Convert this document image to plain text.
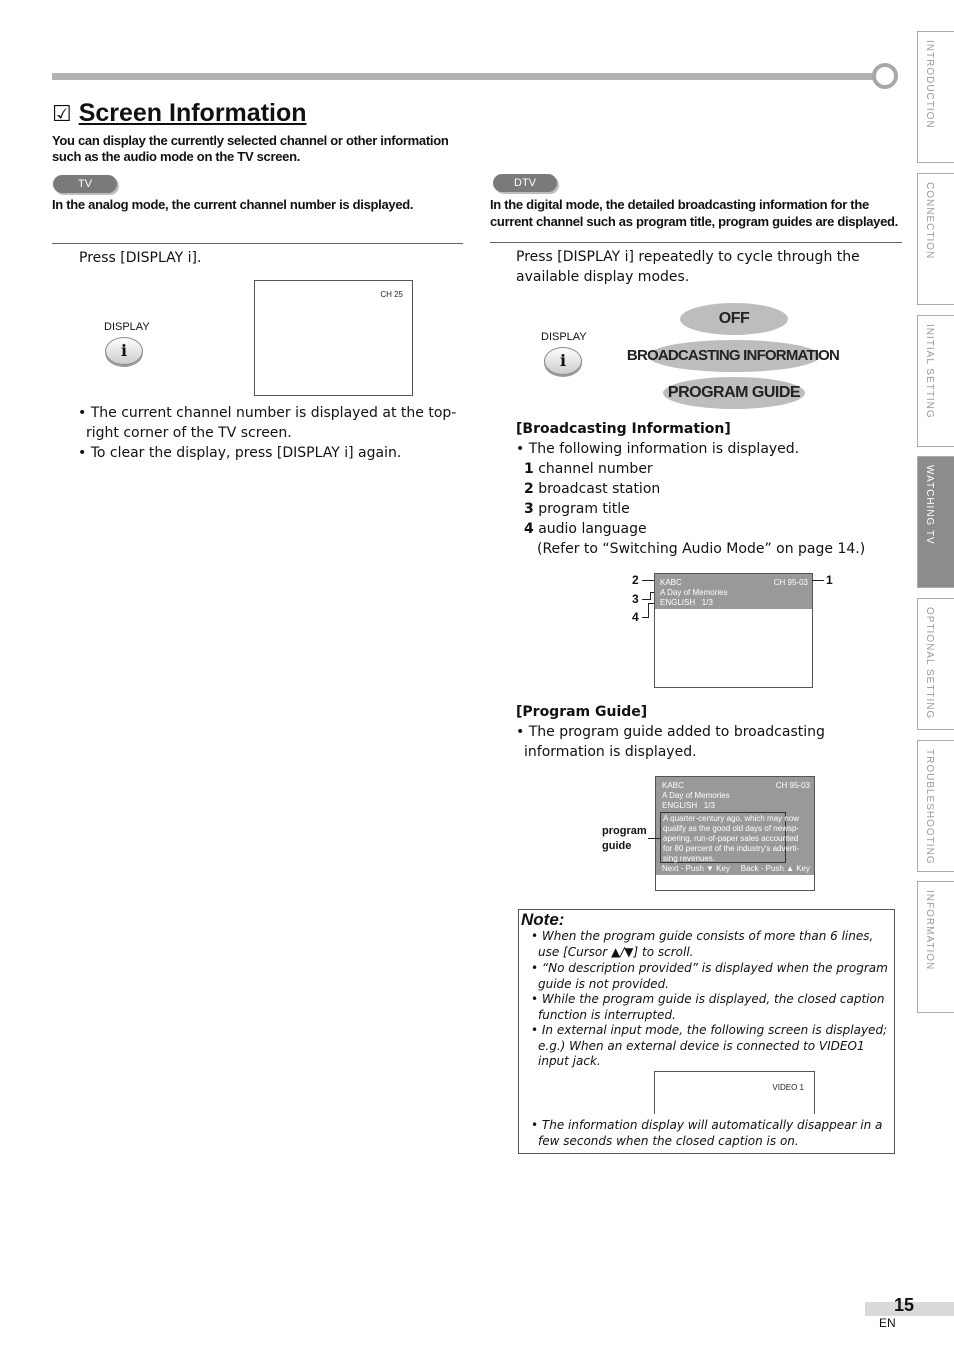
☑ Screen Information
You can display the currently selected channel or other information such as the audio mode on the TV screen.
TV
In the analog mode, the current channel number is displayed.
Press [DISPLAY i].
DISPLAY
i
CH 25
• The current channel number is displayed at the top-right corner of the TV screen.
• To clear the display, press [DISPLAY i] again.
DTV
In the digital mode, the detailed broadcasting information for the current channel such as program title, program guides are displayed.
Press [DISPLAY i] repeatedly to cycle through the available display modes.
DISPLAY
i
OFF
BROADCASTING INFORMATION
PROGRAM GUIDE
[Broadcasting Information]
• The following information is displayed.
1 channel number
2 broadcast station
3 program title
4 audio language
(Refer to “Switching Audio Mode” on page 14.)
KABC	CH 95-03
A Day of Memories
ENGLISH   1/3
1
2
3
4
[Program Guide]
• The program guide added to broadcasting information is displayed.
KABC	CH 95-03
A Day of Memories
ENGLISH   1/3
A quarter-century ago, which may now
qualify as the good old days of newsp-
apering, run-of-paper sales accounted
for 80 percent of the industry's adverti-
sing revenues.
Next - Push ▼ Key Back - Push ▲ Key
program
guide
Note:
• When the program guide consists of more than 6 lines, use [Cursor ▲/▼] to scroll.
• “No description provided” is displayed when the program guide is not provided.
• While the program guide is displayed, the closed caption function is interrupted.
• In external input mode, the following screen is displayed; e.g.) When an external device is connected to VIDEO1 input jack.
VIDEO 1
• The information display will automatically disappear in a few seconds when the closed caption is on.
INTRODUCTION
CONNECTION
INITIAL SETTING
WATCHING TV
OPTIONAL SETTING
TROUBLESHOOTING
INFORMATION
15
EN
